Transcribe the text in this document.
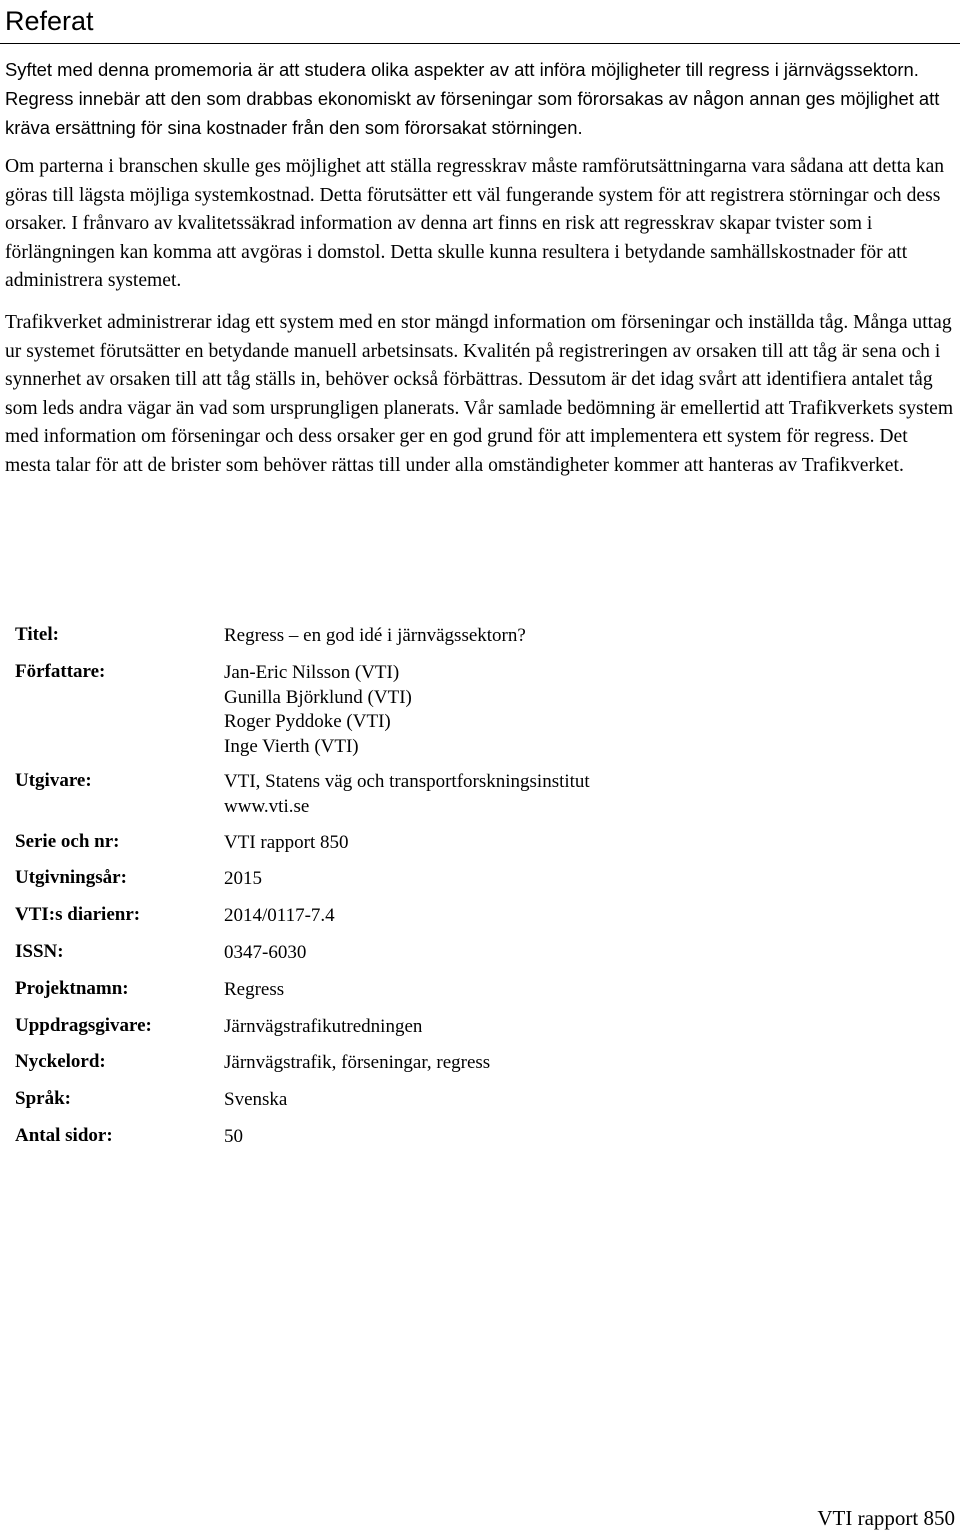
Referat

Syftet med denna promemoria är att studera olika aspekter av att införa möjligheter till regress i järnvägssektorn. Regress innebär att den som drabbas ekonomiskt av förseningar som förorsakas av någon annan ges möjlighet att kräva ersättning för sina kostnader från den som förorsakat störningen.

Om parterna i branschen skulle ges möjlighet att ställa regresskrav måste ramförutsättningarna vara sådana att detta kan göras till lägsta möjliga systemkostnad. Detta förutsätter ett väl fungerande system för att registrera störningar och dess orsaker. I frånvaro av kvalitetssäkrad information av denna art finns en risk att regresskrav skapar tvister som i förlängningen kan komma att avgöras i domstol. Detta skulle kunna resultera i betydande samhällskostnader för att administrera systemet.

Trafikverket administrerar idag ett system med en stor mängd information om förseningar och inställda tåg. Många uttag ur systemet förutsätter en betydande manuell arbetsinsats. Kvalitén på registreringen av orsaken till att tåg är sena och i synnerhet av orsaken till att tåg ställs in, behöver också förbättras. Dessutom är det idag svårt att identifiera antalet tåg som leds andra vägar än vad som ursprungligen planerats. Vår samlade bedömning är emellertid att Trafikverkets system med information om förseningar och dess orsaker ger en god grund för att implementera ett system för regress. Det mesta talar för att de brister som behöver rättas till under alla omständigheter kommer att hanteras av Trafikverket.

Titel:	Regress – en god idé i järnvägssektorn?
Författare:	Jan-Eric Nilsson (VTI)
Gunilla Björklund (VTI)
Roger Pyddoke (VTI)
Inge Vierth (VTI)
Utgivare:	VTI, Statens väg och transportforskningsinstitut
www.vti.se
Serie och nr:	VTI rapport 850
Utgivningsår:	2015
VTI:s diarienr:	2014/0117-7.4
ISSN:	0347-6030
Projektnamn:	Regress
Uppdragsgivare:	Järnvägstrafikutredningen
Nyckelord:	Järnvägstrafik, förseningar, regress
Språk:	Svenska
Antal sidor:	50
VTI rapport 850
